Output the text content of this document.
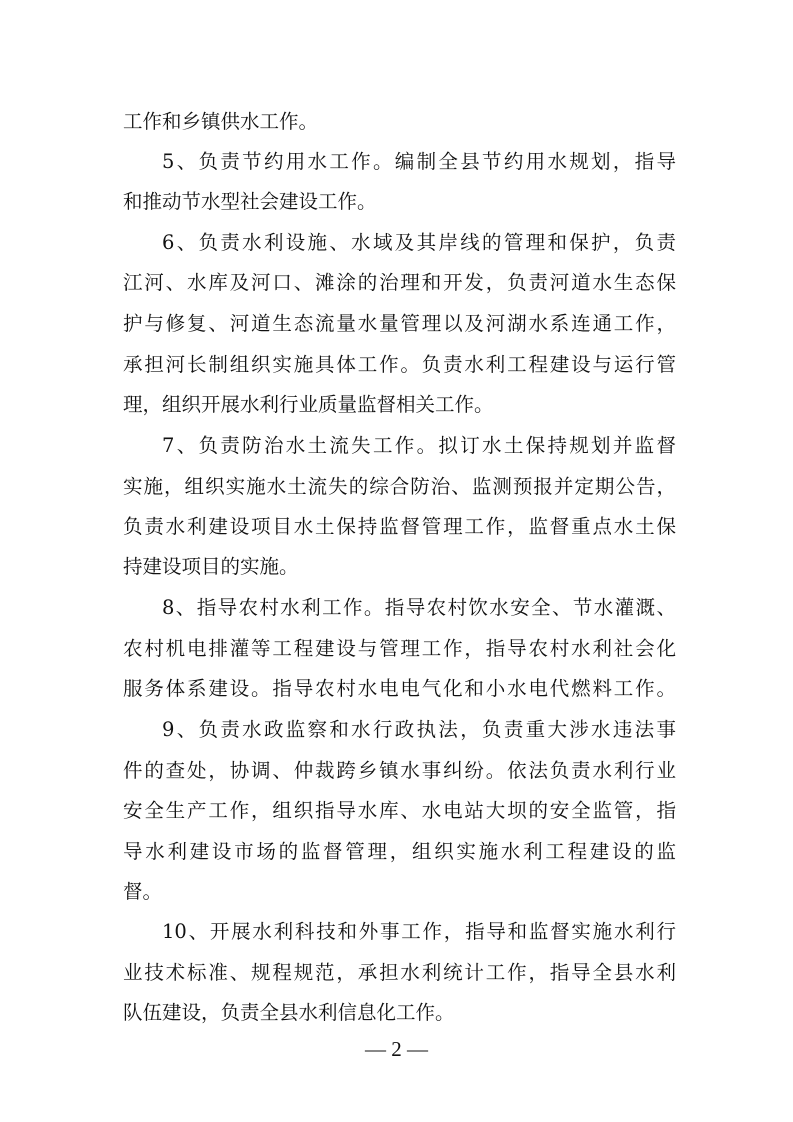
工作和乡镇供水工作。
5、负责节约用水工作。编制全县节约用水规划，指导
和推动节水型社会建设工作。
6、负责水利设施、水域及其岸线的管理和保护，负责
江河、水库及河口、滩涂的治理和开发，负责河道水生态保
护与修复、河道生态流量水量管理以及河湖水系连通工作，
承担河长制组织实施具体工作。负责水利工程建设与运行管
理，组织开展水利行业质量监督相关工作。
7、负责防治水土流失工作。拟订水土保持规划并监督
实施，组织实施水土流失的综合防治、监测预报并定期公告，
负责水利建设项目水土保持监督管理工作，监督重点水土保
持建设项目的实施。
8、指导农村水利工作。指导农村饮水安全、节水灌溉、
农村机电排灌等工程建设与管理工作，指导农村水利社会化
服务体系建设。指导农村水电电气化和小水电代燃料工作。
9、负责水政监察和水行政执法，负责重大涉水违法事
件的查处，协调、仲裁跨乡镇水事纠纷。依法负责水利行业
安全生产工作，组织指导水库、水电站大坝的安全监管，指
导水利建设市场的监督管理，组织实施水利工程建设的监
督。
10、开展水利科技和外事工作，指导和监督实施水利行
业技术标准、规程规范，承担水利统计工作，指导全县水利
队伍建设，负责全县水利信息化工作。
— 2 —
